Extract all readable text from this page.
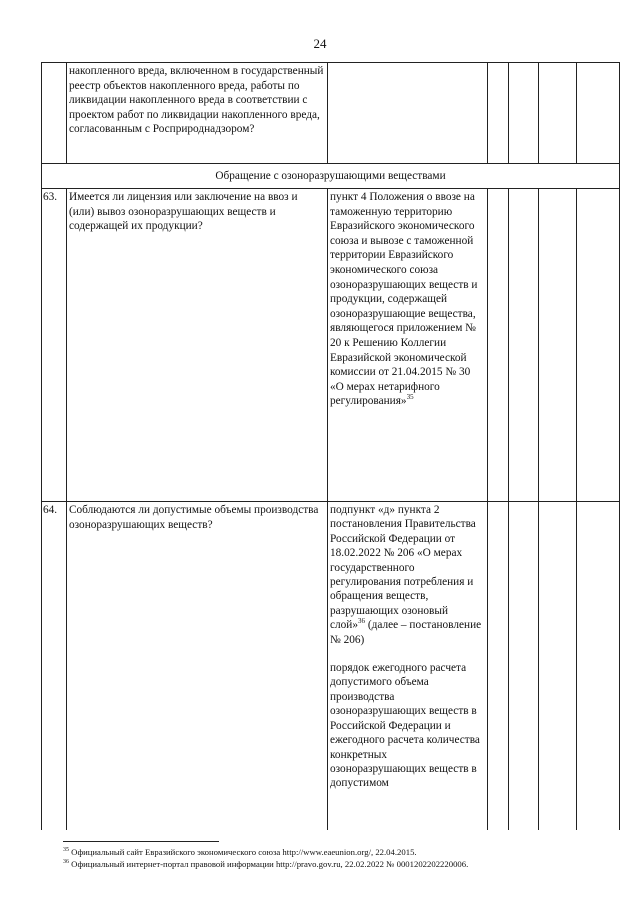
24
	накопленного вреда, включенном в государственный реестр объектов накопленного вреда, работы по ликвидации накопленного вреда в соответствии с проектом работ по ликвидации накопленного вреда, согласованным с Росприроднадзором?					
Обращение с озоноразрушающими веществами						
63.	Имеется ли лицензия или заключение на ввоз и (или) вывоз озоноразрушающих веществ и содержащей их продукции?	пункт 4 Положения о ввозе на таможенную территорию Евразийского экономического союза и вывозе с таможенной территории Евразийского экономического союза озоноразрушающих веществ и продукции, содержащей озоноразрушающие вещества, являющегося приложением № 20 к Решению Коллегии Евразийской экономической комиссии от 21.04.2015 № 30 «О мерах нетарифного регулирования»$^{35}$				
64.	Соблюдаются ли допустимые объемы производства озоноразрушающих веществ?	подпункт «д» пункта 2 постановления Правительства Российской Федерации от 18.02.2022 № 206 «О мерах государственного регулирования потребления и обращения веществ, разрушающих озоновый слой»$^{36}$ (далее – постановление № 206)
порядок ежегодного расчета допустимого объема производства озоноразрушающих веществ в Российской Федерации и ежегодного расчета количества конкретных озоноразрушающих веществ в допустимом				
$^{35}$ Официальный сайт Евразийского экономического союза http://www.eaeunion.org/, 22.04.2015.
$^{36}$ Официальный интернет-портал правовой информации http://pravo.gov.ru, 22.02.2022 № 0001202202220006.
